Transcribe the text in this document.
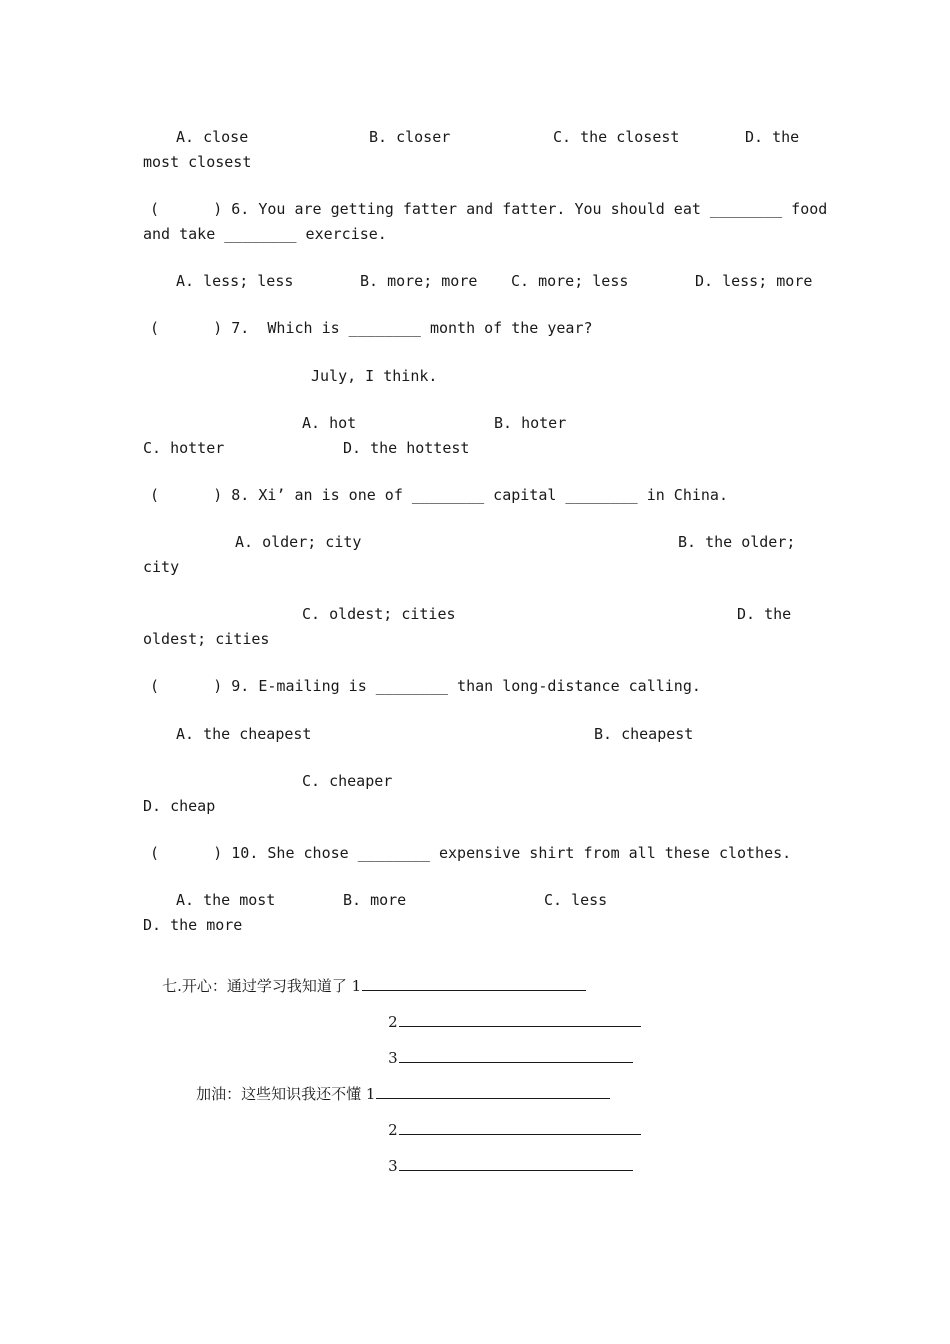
A. close	B. closer	C. the closest	D. the
most closest
(      ) 6. You are getting fatter and fatter. You should eat ________ food
and take ________ exercise.
A. less; less	B. more; more C. more; less	D. less; more
(      ) 7.  Which is ________ month of the year?
July, I think.
A. hot	B. hoter
C. hotter	D. the hottest
(      ) 8. Xi’ an is one of ________ capital ________ in China.
A. older; city	B. the older;
city
C. oldest; cities	D. the
oldest; cities
(      ) 9. E-mailing is ________ than long-distance calling.
A. the cheapest	B. cheapest
C. cheaper
D. cheap
(      ) 10. She chose ________ expensive shirt from all these clothes.
A. the most	B. more	C. less
D. the more

七.开心：通过学习我知道了 1

2

3

加油：这些知识我还不懂 1

2

3
